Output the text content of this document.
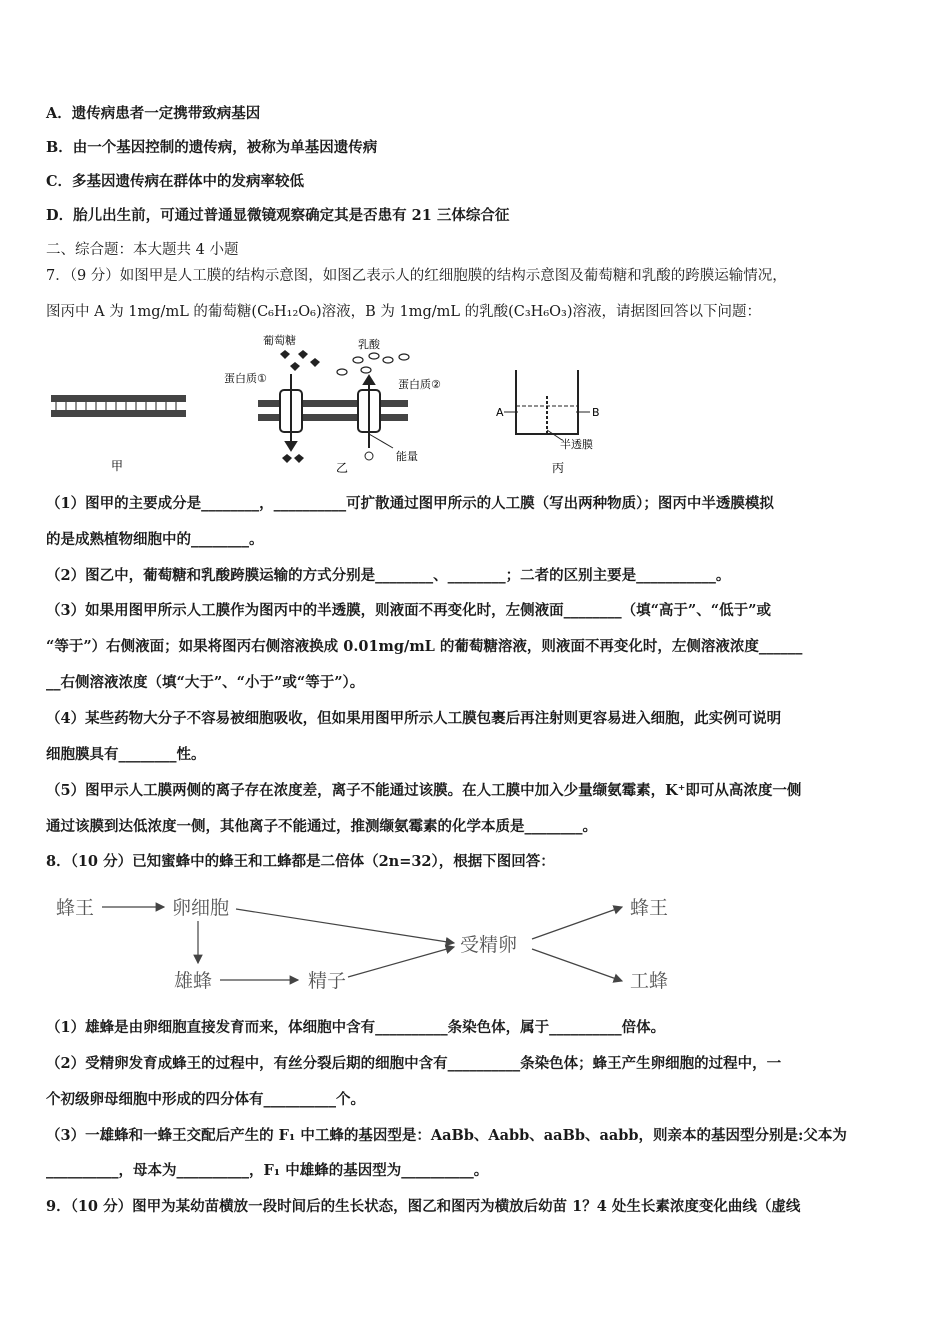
A．遗传病患者一定携带致病基因
B．由一个基因控制的遗传病，被称为单基因遗传病
C．多基因遗传病在群体中的发病率较低
D．胎儿出生前，可通过普通显微镜观察确定其是否患有 21 三体综合征
二、综合题：本大题共 4 小题
7．（9 分）如图甲是人工膜的结构示意图，如图乙表示人的红细胞膜的结构示意图及葡萄糖和乳酸的跨膜运输情况，
图丙中 A 为 1mg/mL 的葡萄糖(C₆H₁₂O₆)溶液，B 为 1mg/mL 的乳酸(C₃H₆O₃)溶液，请据图回答以下问题：
甲
葡萄糖	乳酸
蛋白质①	蛋白质②
能量
乙
A	B
半透膜
丙
（1）图甲的主要成分是________，__________可扩散通过图甲所示的人工膜（写出两种物质）；图丙中半透膜模拟
的是成熟植物细胞中的________。
（2）图乙中，葡萄糖和乳酸跨膜运输的方式分别是________、________；二者的区别主要是___________。
（3）如果用图甲所示人工膜作为图丙中的半透膜，则液面不再变化时，左侧液面________（填“高于”、“低于”或
“等于”）右侧液面；如果将图丙右侧溶液换成 0.01mg/mL 的葡萄糖溶液，则液面不再变化时，左侧溶液浓度______
__右侧溶液浓度（填“大于”、“小于”或“等于”）。
（4）某些药物大分子不容易被细胞吸收，但如果用图甲所示人工膜包裹后再注射则更容易进入细胞，此实例可说明
细胞膜具有________性。
（5）图甲示人工膜两侧的离子存在浓度差，离子不能通过该膜。在人工膜中加入少量缬氨霉素，K⁺即可从高浓度一侧
通过该膜到达低浓度一侧，其他离子不能通过，推测缬氨霉素的化学本质是________。
8．（10 分）已知蜜蜂中的蜂王和工蜂都是二倍体（2n=32），根据下图回答：
蜂王	卵细胞
雄蜂	精子
受精卵
蜂王
工蜂
（1）雄蜂是由卵细胞直接发育而来，体细胞中含有__________条染色体，属于__________倍体。
（2）受精卵发育成蜂王的过程中，有丝分裂后期的细胞中含有__________条染色体；蜂王产生卵细胞的过程中，一
个初级卵母细胞中形成的四分体有__________个。
（3）一雄蜂和一蜂王交配后产生的 F₁ 中工蜂的基因型是：AaBb、Aabb、aaBb、aabb，则亲本的基因型分别是:父本为
__________，母本为__________，F₁ 中雄蜂的基因型为__________。
9．（10 分）图甲为某幼苗横放一段时间后的生长状态，图乙和图丙为横放后幼苗 1？4 处生长素浓度变化曲线（虚线
